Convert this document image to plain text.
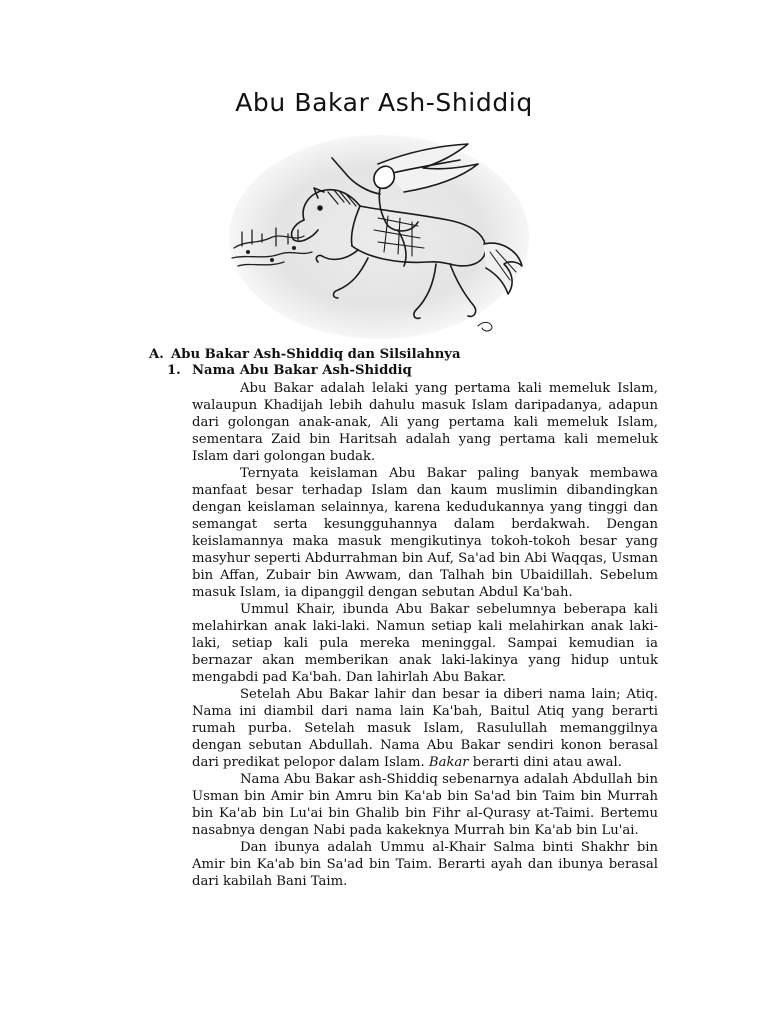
Abu Bakar Ash-Shiddiq
A. Abu Bakar Ash-Shiddiq dan Silsilahnya
1. Nama Abu Bakar Ash-Shiddiq

Abu Bakar adalah lelaki yang pertama kali memeluk Islam, walaupun Khadijah lebih dahulu masuk Islam daripadanya, adapun dari golongan anak-anak, Ali yang pertama kali memeluk Islam, sementara Zaid bin Haritsah adalah yang pertama kali memeluk Islam dari golongan budak.

Ternyata keislaman Abu Bakar paling banyak membawa manfaat besar terhadap Islam dan kaum muslimin dibandingkan dengan keislaman selainnya, karena kedudukannya yang tinggi dan semangat serta kesungguhannya dalam berdakwah. Dengan keislamannya maka masuk mengikutinya tokoh-tokoh besar yang masyhur seperti Abdurrahman bin Auf, Sa'ad bin Abi Waqqas, Usman bin Affan, Zubair bin Awwam, dan Talhah bin Ubaidillah. Sebelum masuk Islam, ia dipanggil dengan sebutan Abdul Ka'bah.

Ummul Khair, ibunda Abu Bakar sebelumnya beberapa kali melahirkan anak laki-laki. Namun setiap kali melahirkan anak laki-laki, setiap kali pula mereka meninggal. Sampai kemudian ia bernazar akan memberikan anak laki-lakinya yang hidup untuk mengabdi pad Ka'bah. Dan lahirlah Abu Bakar.

Setelah Abu Bakar lahir dan besar ia diberi nama lain; Atiq. Nama ini diambil dari nama lain Ka'bah, Baitul Atiq yang berarti rumah purba. Setelah masuk Islam, Rasulullah memanggilnya dengan sebutan Abdullah. Nama Abu Bakar sendiri konon berasal dari predikat pelopor dalam Islam. Bakar berarti dini atau awal.

Nama Abu Bakar ash-Shiddiq sebenarnya adalah Abdullah bin Usman bin Amir bin Amru bin Ka'ab bin Sa'ad bin Taim bin Murrah bin Ka'ab bin Lu'ai bin Ghalib bin Fihr al-Qurasy at-Taimi. Bertemu nasabnya dengan Nabi pada kakeknya Murrah bin Ka'ab bin Lu'ai.

Dan ibunya adalah Ummu al-Khair Salma binti Shakhr bin Amir bin Ka'ab bin Sa'ad bin Taim. Berarti ayah dan ibunya berasal dari kabilah Bani Taim.
